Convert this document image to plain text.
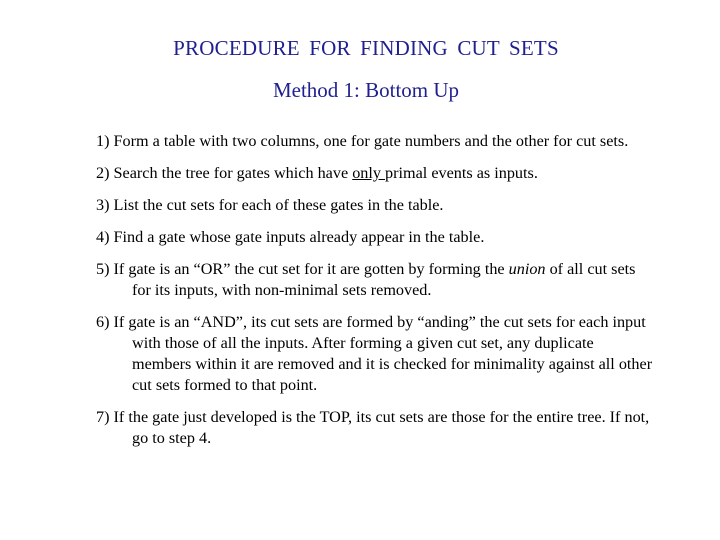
PROCEDURE FOR FINDING CUT SETS
Method 1: Bottom Up
1) Form a table with two columns, one for gate numbers and the other for cut sets.
2) Search the tree for gates which have only primal events as inputs.
3) List the cut sets for each of these gates in the table.
4) Find a gate whose gate inputs already appear in the table.
5) If gate is an “OR” the cut set for it are gotten by forming the union of all cut sets for its inputs, with non-minimal sets removed.
6) If gate is an “AND”, its cut sets are formed by “anding” the cut sets for each input with those of all the inputs. After forming a given cut set, any duplicate members within it are removed and it is checked for minimality against all other cut sets formed to that point.
7) If the gate just developed is the TOP, its cut sets are those for the entire tree. If not, go to step 4.
